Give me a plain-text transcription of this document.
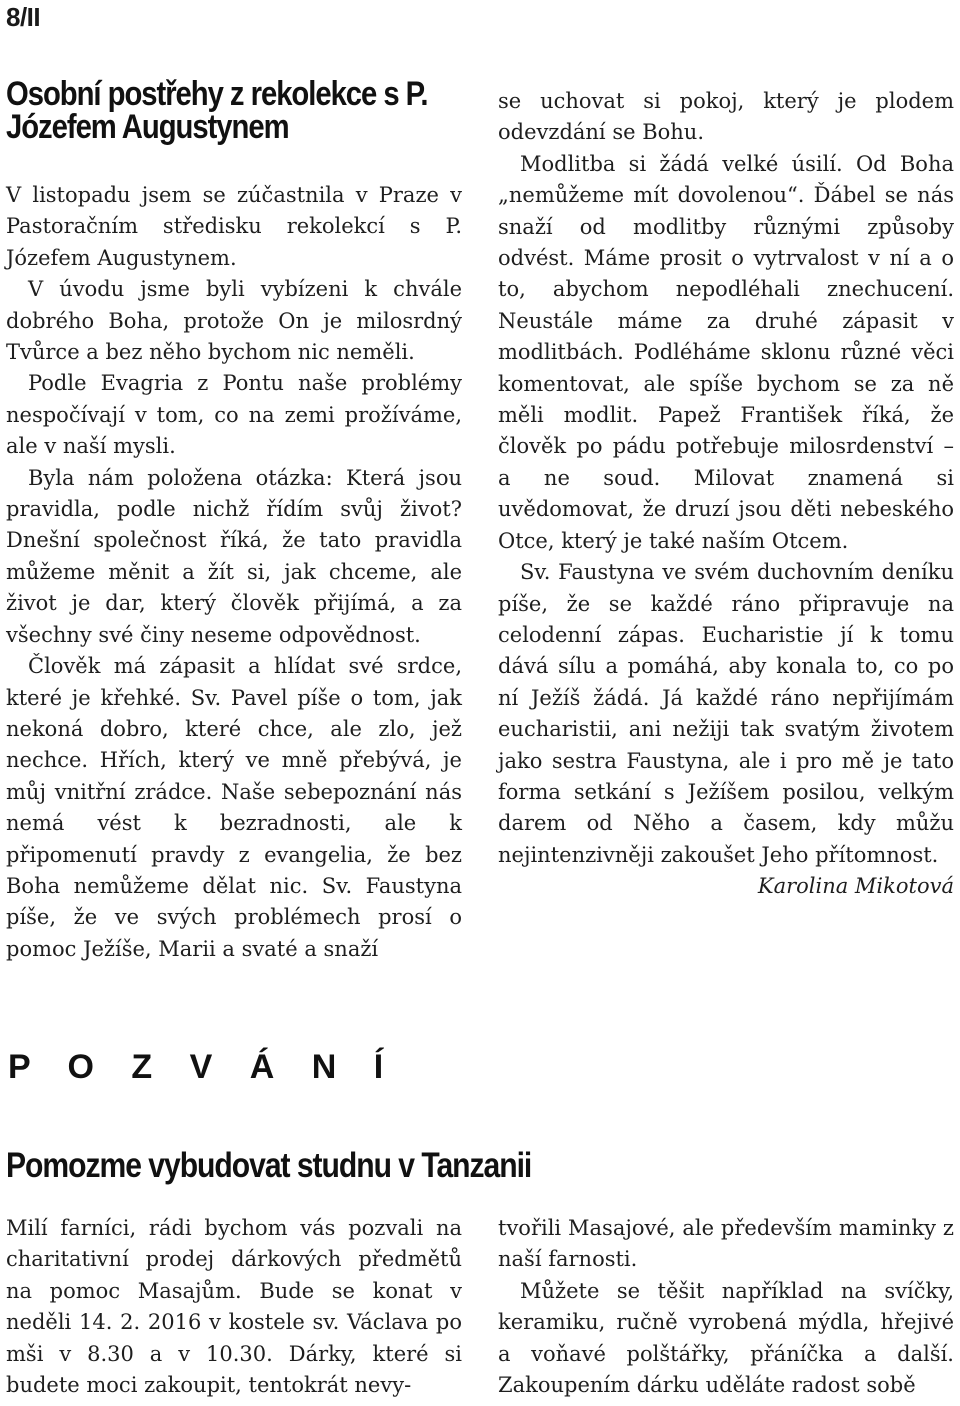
8/II
Osobní postřehy z rekolekce s P. Józefem Augustynem

V listopadu jsem se zúčastnila v Praze v Pastoračním středisku rekolekcí s P. Józefem Augustynem.

V úvodu jsme byli vybízeni k chvále dobrého Boha, protože On je milosrdný Tvůrce a bez něho bychom nic neměli.

Podle Evagria z Pontu naše problémy nespočívají v tom, co na zemi prožíváme, ale v naší mysli.

Byla nám položena otázka: Která jsou pravidla, podle nichž řídím svůj život? Dnešní společnost říká, že tato pravidla můžeme měnit a žít si, jak chceme, ale život je dar, který člověk přijímá, a za všechny své činy neseme odpovědnost.

Člověk má zápasit a hlídat své srdce, které je křehké. Sv. Pavel píše o tom, jak nekoná dobro, které chce, ale zlo, jež nechce. Hřích, který ve mně přebývá, je můj vnitřní zrádce. Naše sebepoznání nás nemá vést k bezradnosti, ale k připomenutí pravdy z evangelia, že bez Boha nemůžeme dělat nic. Sv. Faustyna píše, že ve svých problémech prosí o pomoc Ježíše, Marii a svaté a snaží

se uchovat si pokoj, který je plodem odevzdání se Bohu.

Modlitba si žádá velké úsilí. Od Boha „nemůžeme mít dovolenou“. Ďábel se nás snaží od modlitby různými způsoby odvést. Máme prosit o vytrvalost v ní a o to, abychom nepodléhali znechucení. Neustále máme za druhé zápasit v modlitbách. Podléháme sklonu různé věci komentovat, ale spíše bychom se za ně měli modlit. Papež František říká, že člověk po pádu potřebuje milosrdenství – a ne soud. Milovat znamená si uvědomovat, že druzí jsou děti nebeského Otce, který je také naším Otcem.

Sv. Faustyna ve svém duchovním deníku píše, že se každé ráno připravuje na celodenní zápas. Eucharistie jí k tomu dává sílu a pomáhá, aby konala to, co po ní Ježíš žádá. Já každé ráno nepřijímám eucharistii, ani nežiji tak svatým životem jako sestra Faustyna, ale i pro mě je tato forma setkání s Ježíšem posilou, velkým darem od Něho a časem, kdy můžu nejintenzivněji zakoušet Jeho přítomnost.

Karolina Mikotová

P O Z V Á N Í
Pomozme vybudovat studnu v Tanzanii

Milí farníci, rádi bychom vás pozvali na charitativní prodej dárkových předmětů na pomoc Masajům. Bude se konat v neděli 14. 2. 2016 v kostele sv. Václava po mši v 8.30 a v 10.30. Dárky, které si budete moci zakoupit, tentokrát nevy-

tvořili Masajové, ale především maminky z naší farnosti.

Můžete se těšit například na svíčky, keramiku, ručně vyrobená mýdla, hřejivé a voňavé polštářky, přáníčka a další. Zakoupením dárku uděláte radost sobě
